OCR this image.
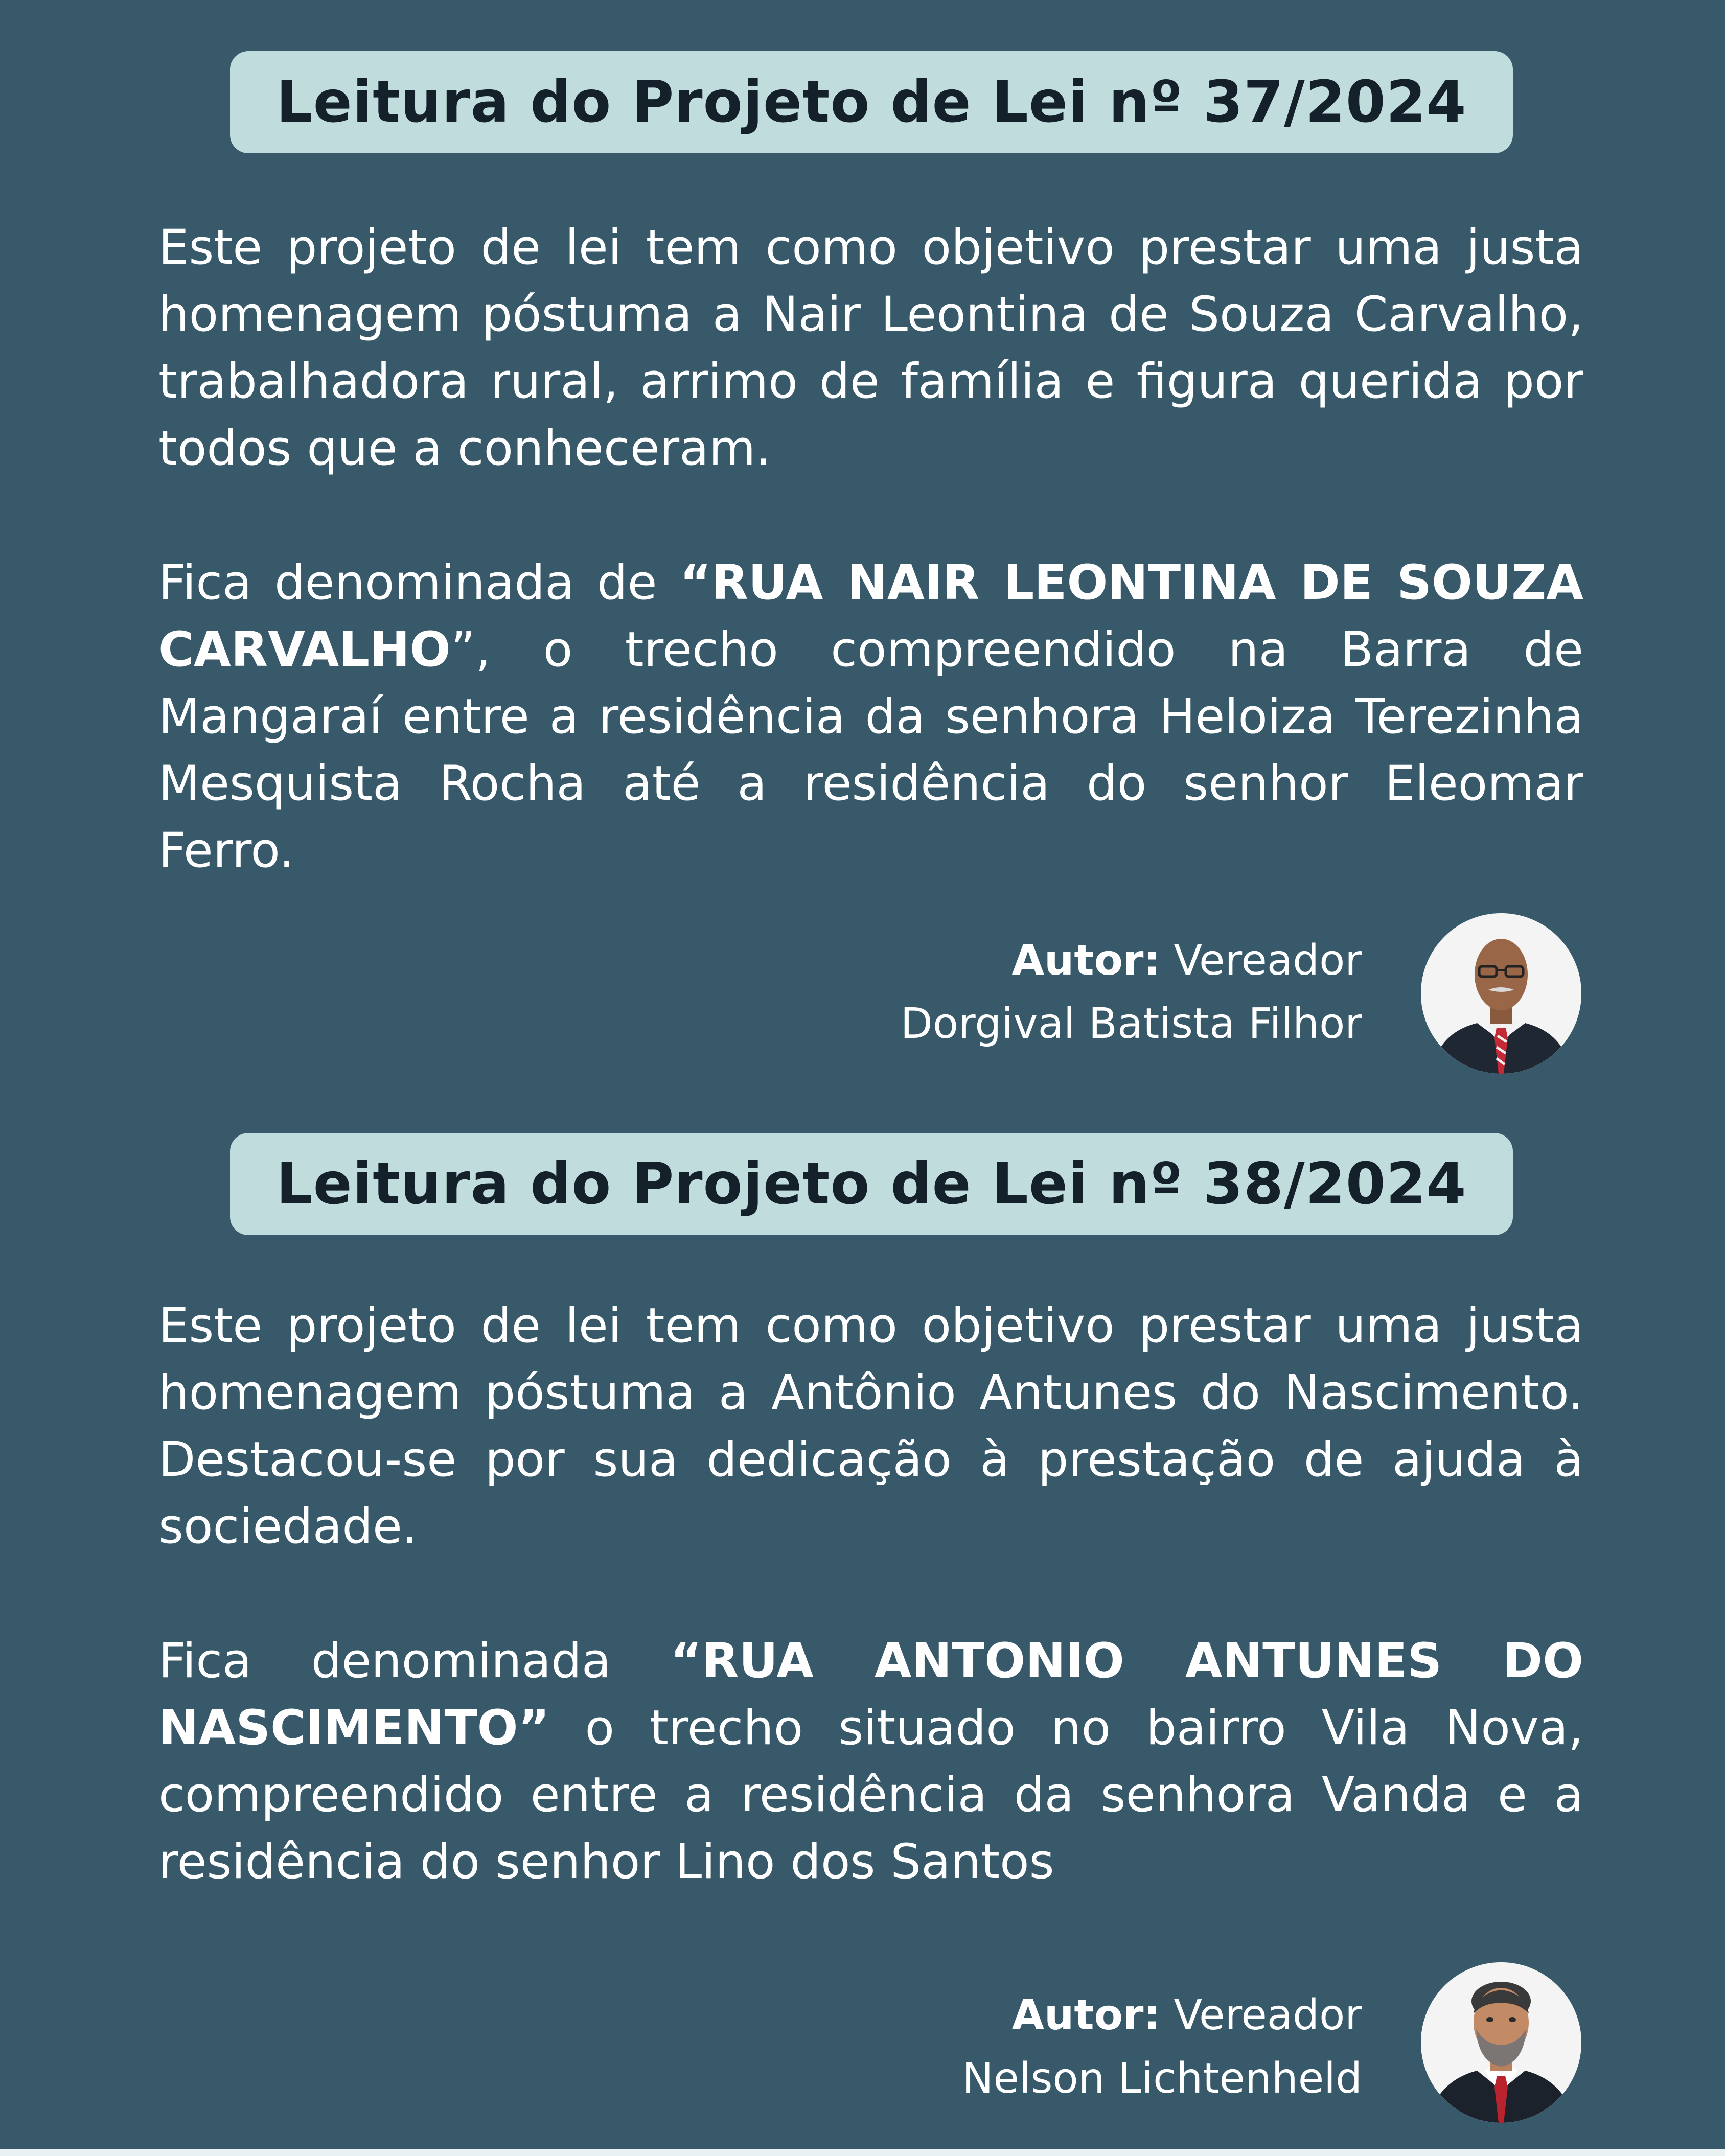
Leitura do Projeto de Lei nº 37/2024

Este projeto de lei tem como objetivo prestar uma justa homenagem póstuma a Nair Leontina de Souza Carvalho, trabalhadora rural, arrimo de família e figura querida por todos que a conheceram.

Fica denominada de “RUA NAIR LEONTINA DE SOUZA CARVALHO”, o trecho compreendido na Barra de Mangaraí entre a residência da senhora Heloiza Terezinha Mesquista Rocha até a residência do senhor Eleomar Ferro.

Autor: Vereador
Dorgival Batista Filhor
Leitura do Projeto de Lei nº 38/2024

Este projeto de lei tem como objetivo prestar uma justa homenagem póstuma a Antônio Antunes do Nascimento. Destacou-se por sua dedicação à prestação de ajuda à sociedade.

Fica denominada “RUA ANTONIO ANTUNES DO NASCIMENTO” o trecho situado no bairro Vila Nova, compreendido entre a residência da senhora Vanda e a residência do senhor Lino dos Santos

Autor: Vereador
Nelson Lichtenheld
